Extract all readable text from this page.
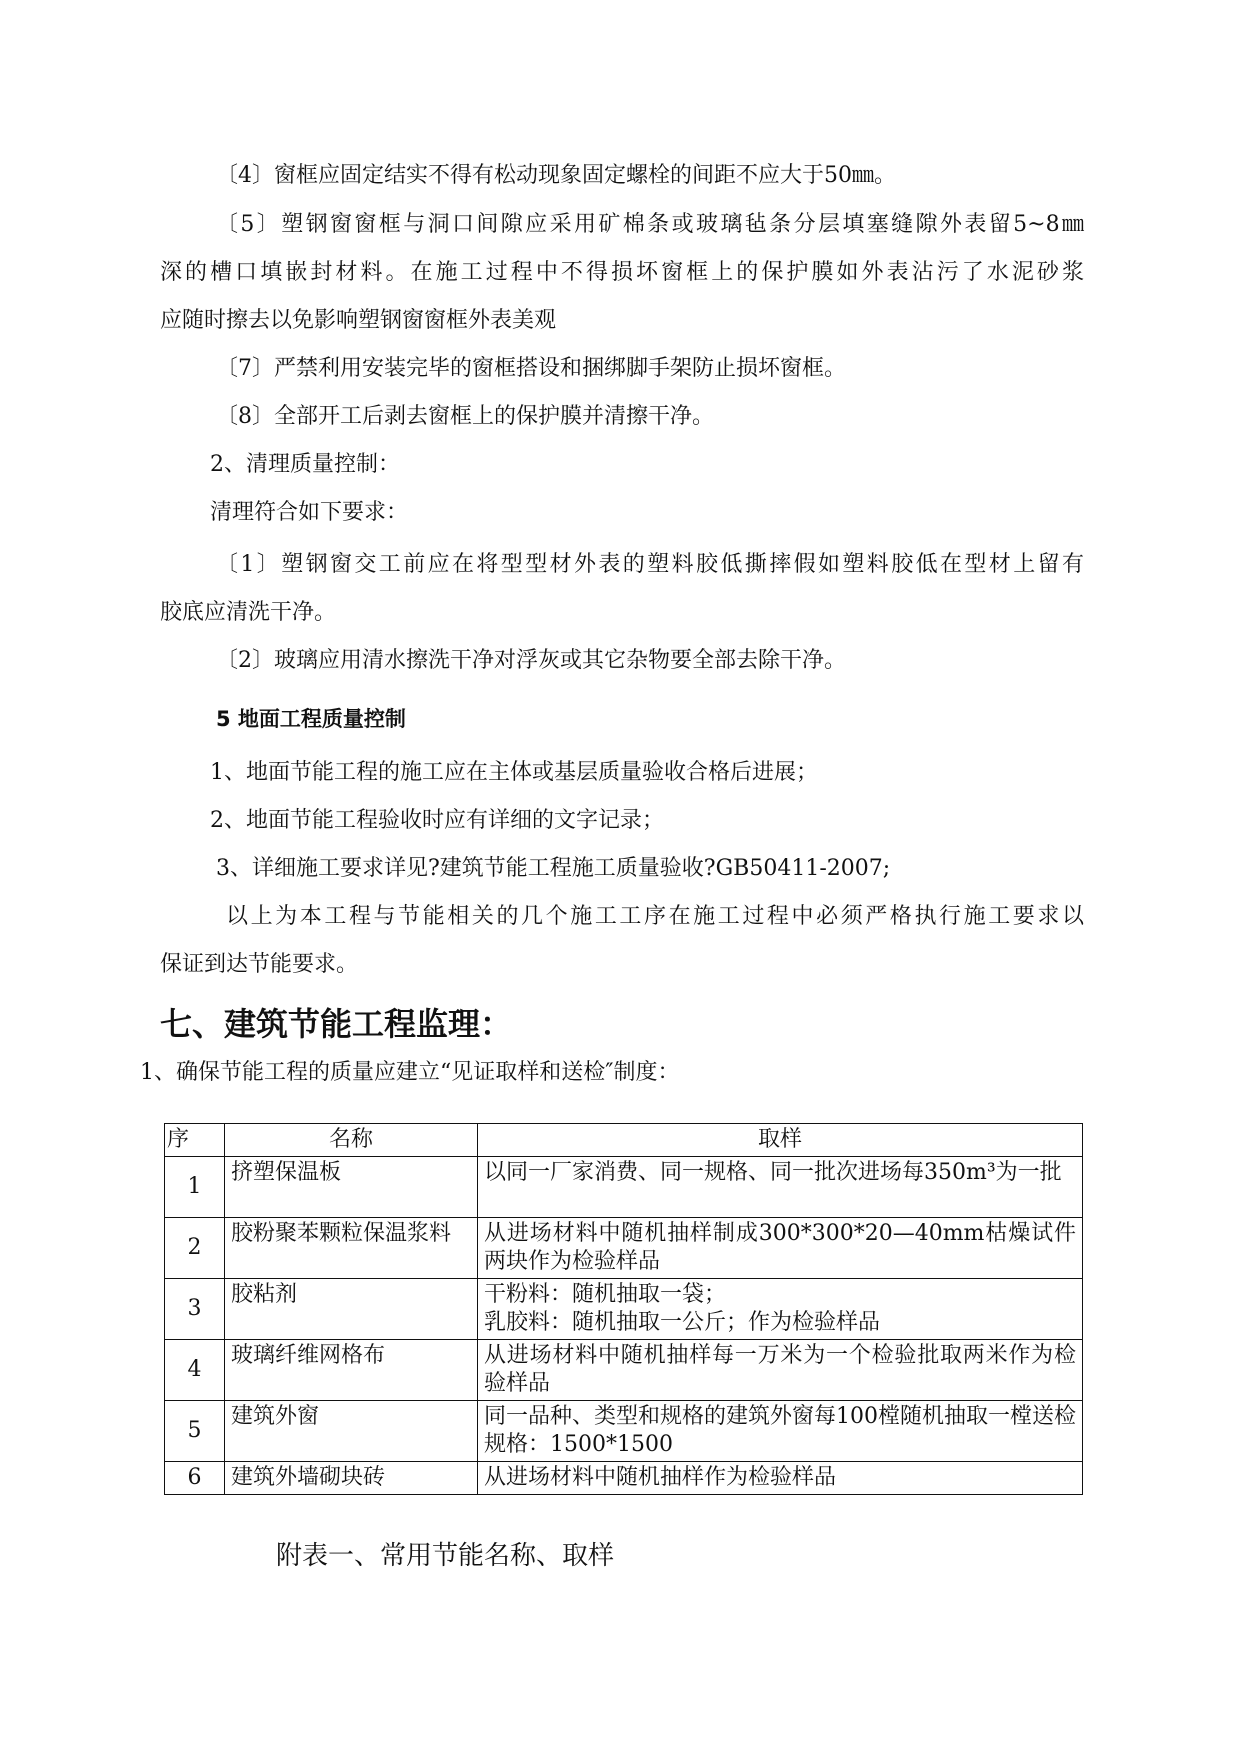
〔4〕窗框应固定结实不得有松动现象固定螺栓的间距不应大于50㎜。
〔5〕塑钢窗窗框与洞口间隙应采用矿棉条或玻璃毡条分层填塞缝隙外表留5~8㎜
深的槽口填嵌封材料。在施工过程中不得损坏窗框上的保护膜如外表沾污了水泥砂浆
应随时擦去以免影响塑钢窗窗框外表美观
〔7〕严禁利用安装完毕的窗框搭设和捆绑脚手架防止损坏窗框。
〔8〕全部开工后剥去窗框上的保护膜并清擦干净。
2、清理质量控制：
清理符合如下要求：
〔1〕塑钢窗交工前应在将型型材外表的塑料胶低撕摔假如塑料胶低在型材上留有
胶底应清洗干净。
〔2〕玻璃应用清水擦洗干净对浮灰或其它杂物要全部去除干净。
5 地面工程质量控制
1、地面节能工程的施工应在主体或基层质量验收合格后进展；
2、地面节能工程验收时应有详细的文字记录；
3、详细施工要求详见?建筑节能工程施工质量验收?GB50411-2007;
以上为本工程与节能相关的几个施工工序在施工过程中必须严格执行施工要求以
保证到达节能要求。
七、建筑节能工程监理：
1、确保节能工程的质量应建立“见证取样和送检″制度：
序	名称	取样
1	挤塑保温板	以同一厂家消费、同一规格、同一批次进场每350m³为一批
2	胶粉聚苯颗粒保温浆料	从进场材料中随机抽样制成300*300*20—40mm枯燥试件两块作为检验样品
3	胶粘剂	干粉料：随机抽取一袋；
乳胶料：随机抽取一公斤；作为检验样品

4	玻璃纤维网格布	从进场材料中随机抽样每一万米为一个检验批取两米作为检验样品
5	建筑外窗	同一品种、类型和规格的建筑外窗每100樘随机抽取一樘送检规格：1500*1500
6	建筑外墙砌块砖	从进场材料中随机抽样作为检验样品
附表一、常用节能名称、取样
